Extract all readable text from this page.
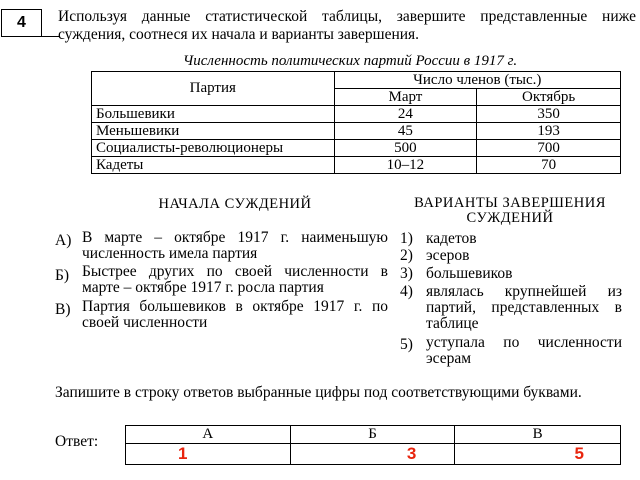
4 Используя данные статистической таблицы, завершите представленные ниже суждения, соотнеся их начала и варианты завершения.
Численность политических партий России в 1917 г.
Партия	Число членов (тыс.)	
	Март	Октябрь
Большевики	24	350
Меньшевики	45	193
Социалисты-революционеры	500	700
Кадеты	10–12	70
НАЧАЛА СУЖДЕНИЙ	ВАРИАНТЫ ЗАВЕРШЕНИЯ СУЖДЕНИЙ
А) В марте – октябре 1917 г. наименьшую численность имела партия
Б) Быстрее других по своей численности в марте – октябре 1917 г. росла партия
В) Партия большевиков в октябре 1917 г. по своей численности
1) кадетов
2) эсеров
3) большевиков
4) являлась крупнейшей из партий, представленных в таблице
5) уступала по численности эсерам
Запишите в строку ответов выбранные цифры под соответствующими буквами.
Ответ:	А	Б	В
1	3	5
